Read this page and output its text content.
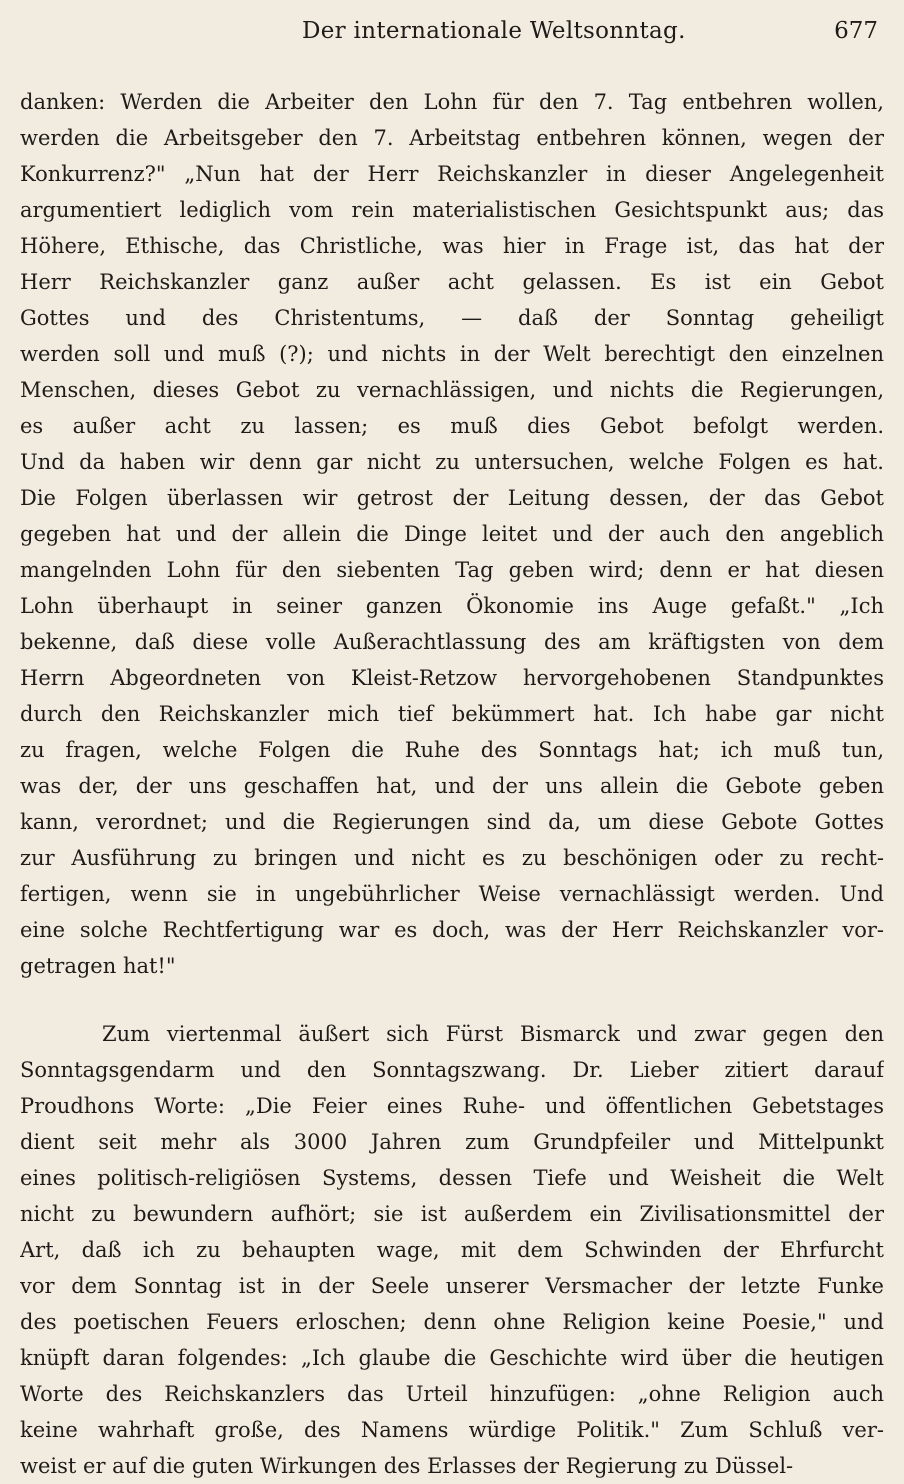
Der internationale Weltsonntag.	677
danken: Werden die Arbeiter den Lohn für den 7. Tag entbehren wollen,
werden die Arbeitsgeber den 7. Arbeitstag entbehren können, wegen der
Konkurrenz?" „Nun hat der Herr Reichskanzler in dieser Angelegenheit
argumentiert lediglich vom rein materialistischen Gesichtspunkt aus; das
Höhere, Ethische, das Christliche, was hier in Frage ist, das hat der
Herr Reichskanzler ganz außer acht gelassen. Es ist ein Gebot
Gottes und des Christentums, — daß der Sonntag geheiligt
werden soll und muß (?); und nichts in der Welt berechtigt den einzelnen
Menschen, dieses Gebot zu vernachlässigen, und nichts die Regierungen,
es außer acht zu lassen; es muß dies Gebot befolgt werden.
Und da haben wir denn gar nicht zu untersuchen, welche Folgen es hat.
Die Folgen überlassen wir getrost der Leitung dessen, der das Gebot
gegeben hat und der allein die Dinge leitet und der auch den angeblich
mangelnden Lohn für den siebenten Tag geben wird; denn er hat diesen
Lohn überhaupt in seiner ganzen Ökonomie ins Auge gefaßt." „Ich
bekenne, daß diese volle Außerachtlassung des am kräftigsten von dem
Herrn Abgeordneten von Kleist-Retzow hervorgehobenen Standpunktes
durch den Reichskanzler mich tief bekümmert hat. Ich habe gar nicht
zu fragen, welche Folgen die Ruhe des Sonntags hat; ich muß tun,
was der, der uns geschaffen hat, und der uns allein die Gebote geben
kann, verordnet; und die Regierungen sind da, um diese Gebote Gottes
zur Ausführung zu bringen und nicht es zu beschönigen oder zu recht-
fertigen, wenn sie in ungebührlicher Weise vernachlässigt werden. Und
eine solche Rechtfertigung war es doch, was der Herr Reichskanzler vor-
getragen hat!"
Zum viertenmal äußert sich Fürst Bismarck und zwar gegen den
Sonntagsgendarm und den Sonntagszwang. Dr. Lieber zitiert darauf
Proudhons Worte: „Die Feier eines Ruhe- und öffentlichen Gebetstages
dient seit mehr als 3000 Jahren zum Grundpfeiler und Mittelpunkt
eines politisch-religiösen Systems, dessen Tiefe und Weisheit die Welt
nicht zu bewundern aufhört; sie ist außerdem ein Zivilisationsmittel der
Art, daß ich zu behaupten wage, mit dem Schwinden der Ehrfurcht
vor dem Sonntag ist in der Seele unserer Versmacher der letzte Funke
des poetischen Feuers erloschen; denn ohne Religion keine Poesie," und
knüpft daran folgendes: „Ich glaube die Geschichte wird über die heutigen
Worte des Reichskanzlers das Urteil hinzufügen: „ohne Religion auch
keine wahrhaft große, des Namens würdige Politik." Zum Schluß ver-
weist er auf die guten Wirkungen des Erlasses der Regierung zu Düssel-
